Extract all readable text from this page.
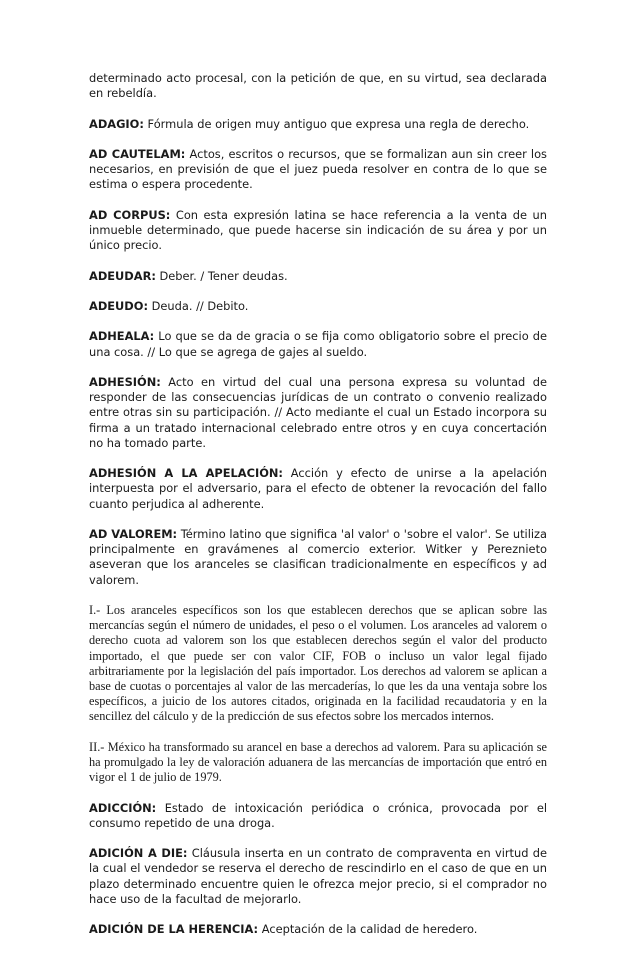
determinado acto procesal, con la petición de que, en su virtud, sea declarada en rebeldía.

ADAGIO: Fórmula de origen muy antiguo que expresa una regla de derecho.

AD CAUTELAM: Actos, escritos o recursos, que se formalizan aun sin creer los necesarios, en previsión de que el juez pueda resolver en contra de lo que se estima o espera procedente.

AD CORPUS: Con esta expresión latina se hace referencia a la venta de un inmueble determinado, que puede hacerse sin indicación de su área y por un único precio.

ADEUDAR: Deber. / Tener deudas.

ADEUDO: Deuda. // Debito.

ADHEALA: Lo que se da de gracia o se fija como obligatorio sobre el precio de una cosa. // Lo que se agrega de gajes al sueldo.

ADHESIÓN: Acto en virtud del cual una persona expresa su voluntad de responder de las consecuencias jurídicas de un contrato o convenio realizado entre otras sin su participación. // Acto mediante el cual un Estado incorpora su firma a un tratado internacional celebrado entre otros y en cuya concertación no ha tomado parte.

ADHESIÓN A LA APELACIÓN: Acción y efecto de unirse a la apelación interpuesta por el adversario, para el efecto de obtener la revocación del fallo cuanto perjudica al adherente.

AD VALOREM: Término latino que significa 'al valor' o 'sobre el valor'. Se utiliza principalmente en gravámenes al comercio exterior. Witker y Pereznieto aseveran que los aranceles se clasifican tradicionalmente en específicos y ad valorem.

I.- Los aranceles específicos son los que establecen derechos que se aplican sobre las mercancías según el número de unidades, el peso o el volumen. Los aranceles ad valorem o derecho cuota ad valorem son los que establecen derechos según el valor del producto importado, el que puede ser con valor CIF, FOB o incluso un valor legal fijado arbitrariamente por la legislación del país importador. Los derechos ad valorem se aplican a base de cuotas o porcentajes al valor de las mercaderías, lo que les da una ventaja sobre los específicos, a juicio de los autores citados, originada en la facilidad recaudatoria y en la sencillez del cálculo y de la predicción de sus efectos sobre los mercados internos.

II.- México ha transformado su arancel en base a derechos ad valorem. Para su aplicación se ha promulgado la ley de valoración aduanera de las mercancías de importación que entró en vigor el 1 de julio de 1979.

ADICCIÓN: Estado de intoxicación periódica o crónica, provocada por el consumo repetido de una droga.

ADICIÓN A DIE: Cláusula inserta en un contrato de compraventa en virtud de la cual el vendedor se reserva el derecho de rescindirlo en el caso de que en un plazo determinado encuentre quien le ofrezca mejor precio, si el comprador no hace uso de la facultad de mejorarlo.

ADICIÓN DE LA HERENCIA: Aceptación de la calidad de heredero.
